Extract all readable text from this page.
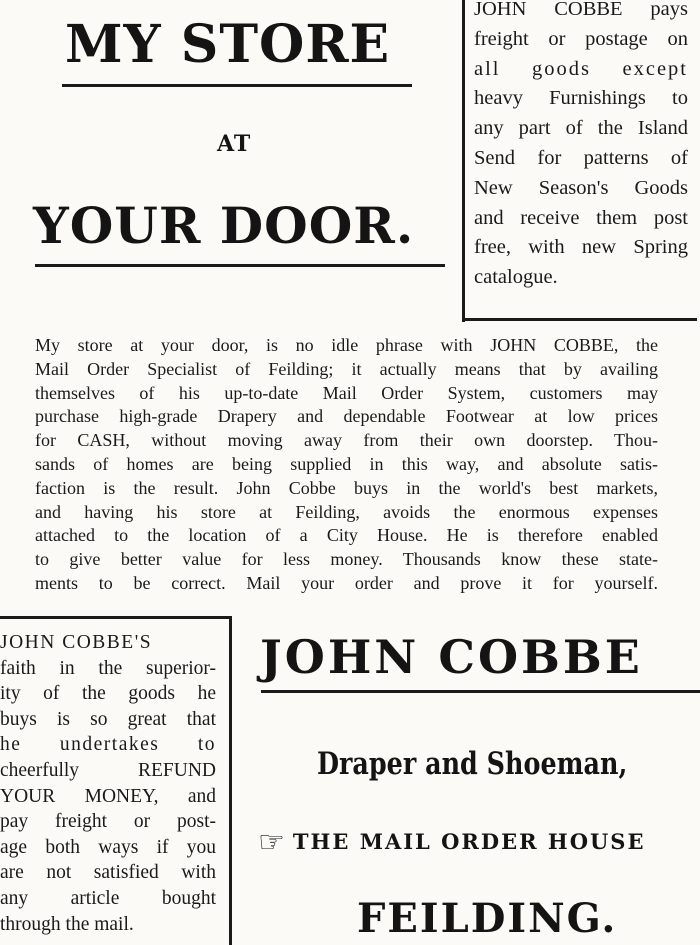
MY STORE
AT
YOUR DOOR.
JOHN COBBE pays
freight or postage on
all goods except
heavy Furnishings to
any part of the Island
Send for patterns of
New Season's Goods
and receive them post
free, with new Spring
catalogue.
My store at your door, is no idle phrase with JOHN COBBE, the
Mail Order Specialist of Feilding; it actually means that by availing
themselves of his up-to-date Mail Order System, customers may
purchase high-grade Drapery and dependable Footwear at low prices
for CASH, without moving away from their own doorstep. Thou-
sands of homes are being supplied in this way, and absolute satis-
faction is the result. John Cobbe buys in the world's best markets,
and having his store at Feilding, avoids the enormous expenses
attached to the location of a City House. He is therefore enabled
to give better value for less money. Thousands know these state-
ments to be correct. Mail your order and prove it for yourself.
JOHN COBBE'S
faith in the superior-
ity of the goods he
buys is so great that
he undertakes to
cheerfully REFUND
YOUR MONEY, and
pay freight or post-
age both ways if you
are not satisfied with
any article bought
through the mail.
JOHN COBBE
Draper and Shoeman,
☞ THE MAIL ORDER HOUSE
FEILDING.
